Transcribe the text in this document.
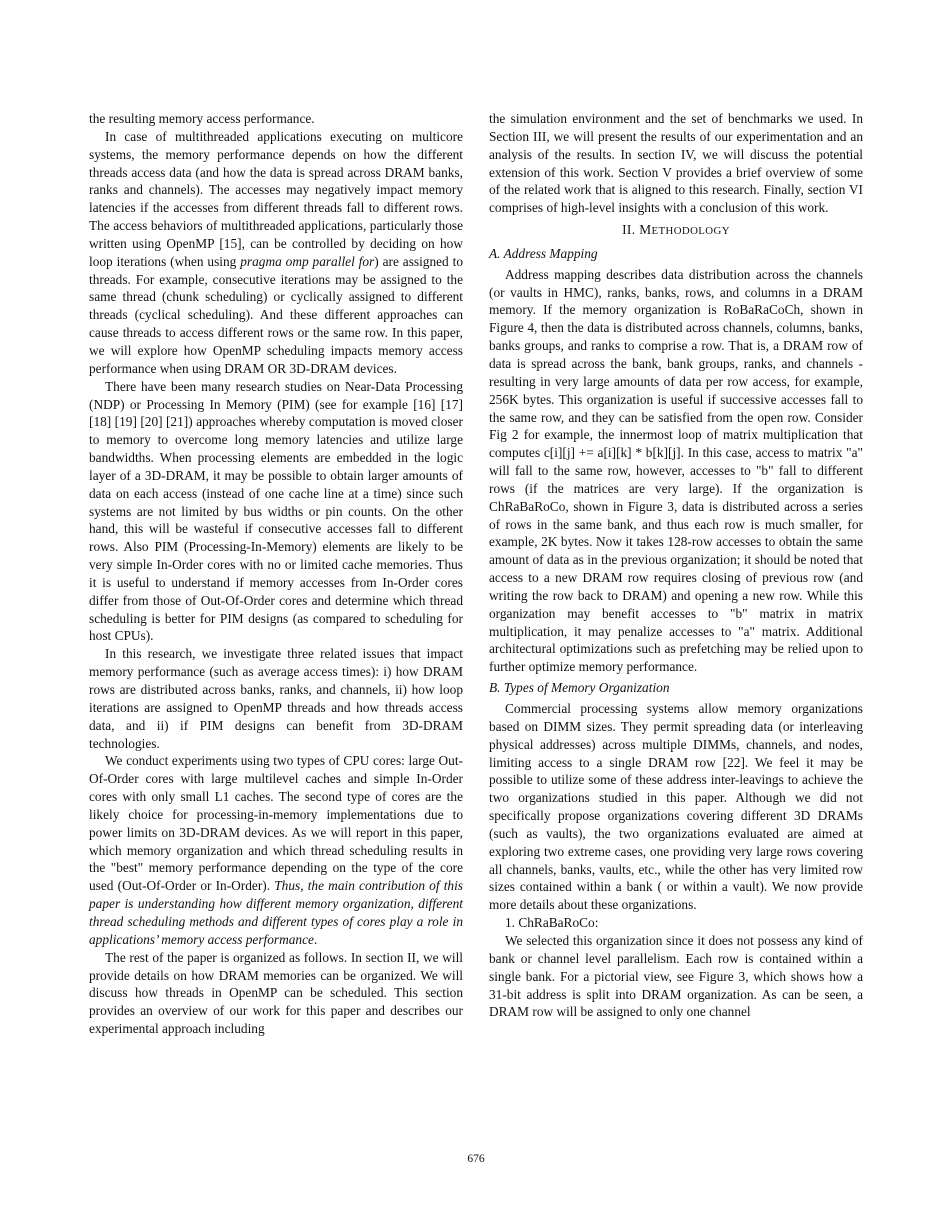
the resulting memory access performance.

In case of multithreaded applications executing on multicore systems, the memory performance depends on how the different threads access data (and how the data is spread across DRAM banks, ranks and channels). The accesses may negatively impact memory latencies if the accesses from different threads fall to different rows. The access behaviors of multithreaded applications, particularly those written using OpenMP [15], can be controlled by deciding on how loop iterations (when using pragma omp parallel for) are assigned to threads. For example, consecutive iterations may be assigned to the same thread (chunk scheduling) or cyclically assigned to different threads (cyclical scheduling). And these different approaches can cause threads to access different rows or the same row. In this paper, we will explore how OpenMP scheduling impacts memory access performance when using DRAM OR 3D-DRAM devices.

There have been many research studies on Near-Data Processing (NDP) or Processing In Memory (PIM) (see for example [16] [17] [18] [19] [20] [21]) approaches whereby computation is moved closer to memory to overcome long memory latencies and utilize large bandwidths. When processing elements are embedded in the logic layer of a 3D-DRAM, it may be possible to obtain larger amounts of data on each access (instead of one cache line at a time) since such systems are not limited by bus widths or pin counts. On the other hand, this will be wasteful if consecutive accesses fall to different rows. Also PIM (Processing-In-Memory) elements are likely to be very simple In-Order cores with no or limited cache memories. Thus it is useful to understand if memory accesses from In-Order cores differ from those of Out-Of-Order cores and determine which thread scheduling is better for PIM designs (as compared to scheduling for host CPUs).

In this research, we investigate three related issues that impact memory performance (such as average access times): i) how DRAM rows are distributed across banks, ranks, and channels, ii) how loop iterations are assigned to OpenMP threads and how threads access data, and ii) if PIM designs can benefit from 3D-DRAM technologies.

We conduct experiments using two types of CPU cores: large Out-Of-Order cores with large multilevel caches and simple In-Order cores with only small L1 caches. The second type of cores are the likely choice for processing-in-memory implementations due to power limits on 3D-DRAM devices. As we will report in this paper, which memory organization and which thread scheduling results in the "best" memory performance depending on the type of the core used (Out-Of-Order or In-Order). Thus, the main contribution of this paper is understanding how different memory organization, different thread scheduling methods and different types of cores play a role in applications’ memory access performance.

The rest of the paper is organized as follows. In section II, we will provide details on how DRAM memories can be organized. We will discuss how threads in OpenMP can be scheduled. This section provides an overview of our work for this paper and describes our experimental approach including

the simulation environment and the set of benchmarks we used. In Section III, we will present the results of our experimentation and an analysis of the results. In section IV, we will discuss the potential extension of this work. Section V provides a brief overview of some of the related work that is aligned to this research. Finally, section VI comprises of high-level insights with a conclusion of this work.

II. METHODOLOGY

A. Address Mapping

Address mapping describes data distribution across the channels (or vaults in HMC), ranks, banks, rows, and columns in a DRAM memory. If the memory organization is RoBaRaCoCh, shown in Figure 4, then the data is distributed across channels, columns, banks, banks groups, and ranks to comprise a row. That is, a DRAM row of data is spread across the bank, bank groups, ranks, and channels - resulting in very large amounts of data per row access, for example, 256K bytes. This organization is useful if successive accesses fall to the same row, and they can be satisfied from the open row. Consider Fig 2 for example, the innermost loop of matrix multiplication that computes c[i][j] += a[i][k] * b[k][j]. In this case, access to matrix "a" will fall to the same row, however, accesses to "b" fall to different rows (if the matrices are very large). If the organization is ChRaBaRoCo, shown in Figure 3, data is distributed across a series of rows in the same bank, and thus each row is much smaller, for example, 2K bytes. Now it takes 128-row accesses to obtain the same amount of data as in the previous organization; it should be noted that access to a new DRAM row requires closing of previous row (and writing the row back to DRAM) and opening a new row. While this organization may benefit accesses to "b" matrix in matrix multiplication, it may penalize accesses to "a" matrix. Additional architectural optimizations such as prefetching may be relied upon to further optimize memory performance.

B. Types of Memory Organization

Commercial processing systems allow memory organizations based on DIMM sizes. They permit spreading data (or interleaving physical addresses) across multiple DIMMs, channels, and nodes, limiting access to a single DRAM row [22]. We feel it may be possible to utilize some of these address inter-leavings to achieve the two organizations studied in this paper. Although we did not specifically propose organizations covering different 3D DRAMs (such as vaults), the two organizations evaluated are aimed at exploring two extreme cases, one providing very large rows covering all channels, banks, vaults, etc., while the other has very limited row sizes contained within a bank ( or within a vault). We now provide more details about these organizations.

1. ChRaBaRoCo:

We selected this organization since it does not possess any kind of bank or channel level parallelism. Each row is contained within a single bank. For a pictorial view, see Figure 3, which shows how a 31-bit address is split into DRAM organization. As can be seen, a DRAM row will be assigned to only one channel

676
